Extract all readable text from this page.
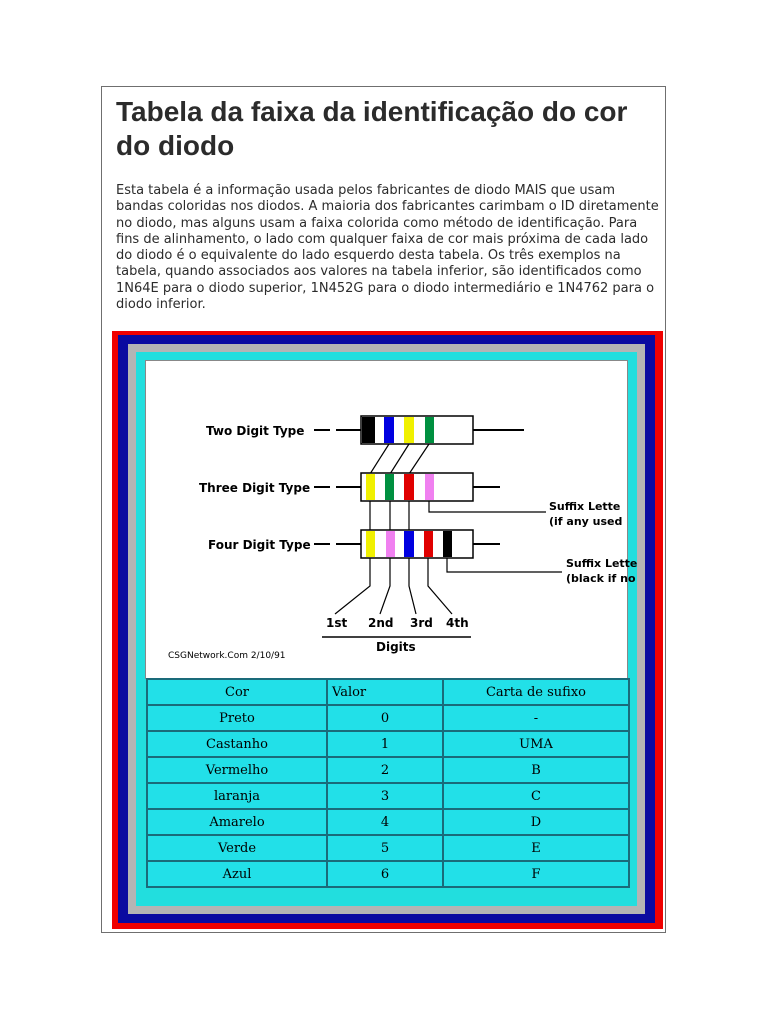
Tabela da faixa da identificação do cor do diodo

Esta tabela é a informação usada pelos fabricantes de diodo MAIS que usam bandas coloridas nos diodos. A maioria dos fabricantes carimbam o ID diretamente no diodo, mas alguns usam a faixa colorida como método de identificação. Para fins de alinhamento, o lado com qualquer faixa de cor mais próxima de cada lado do diodo é o equivalente do lado esquerdo desta tabela. Os três exemplos na tabela, quando associados aos valores na tabela inferior, são identificados como 1N64E para o diodo superior, 1N452G para o diodo intermediário e 1N4762 para o diodo inferior.

Two Digit Type
Three Digit Type
Four Digit Type
Suffix Lette
(if any used
Suffix Lette
(black if no
1st 2nd 3rd 4th
Digits
CSGNetwork.Com 2/10/91
Cor	Valor	Carta de sufixo
Preto	0	-
Castanho	1	UMA
Vermelho	2	B
laranja	3	C
Amarelo	4	D
Verde	5	E
Azul	6	F
